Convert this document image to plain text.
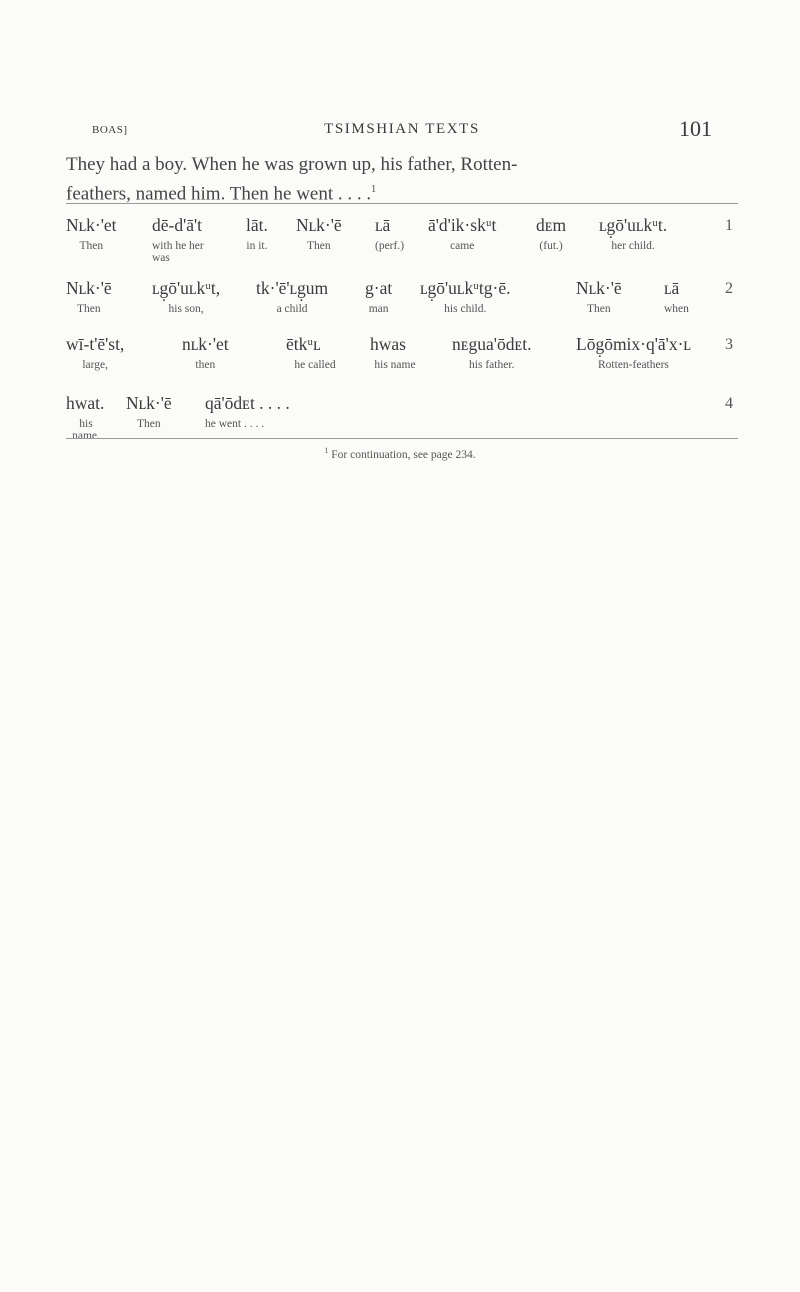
BOAS]	TSIMSHIAN TEXTS	101
They had a boy. When he was grown up, his father, Rotten-
feathers, named him. Then he went . . . .$^1$
Nʟk·'et
Then
dē-d'ā't
with he her was
lāt.
in it.
Nʟk·'ē
Then
ʟā
(perf.)
ā'd'ik·skᵘt
came
dᴇm
(fut.)
ʟg̣ō'uʟkᵘt.
her child.
1
Nʟk·'ē
Then
ʟg̣ō'uʟkᵘt,
his son,
tk·'ē'ʟg̣um
a child
g·at
man
ʟg̣ō'uʟkᵘtg·ē.
his child.
Nʟk·'ē
Then
ʟā
when
2
wī-t'ē'st,
large,
nʟk·'et
then
ētkᵘʟ
he called
hwas
his name
nᴇgua'ōdᴇt.
his father.
Lōg̣ōmix·q'ā'x·ʟ
Rotten-feathers
3
hwat.
his name.
Nʟk·'ē
Then
qā'ōdᴇt . . . .
he went . . . .
4
$^1$ For continuation, see page 234.
